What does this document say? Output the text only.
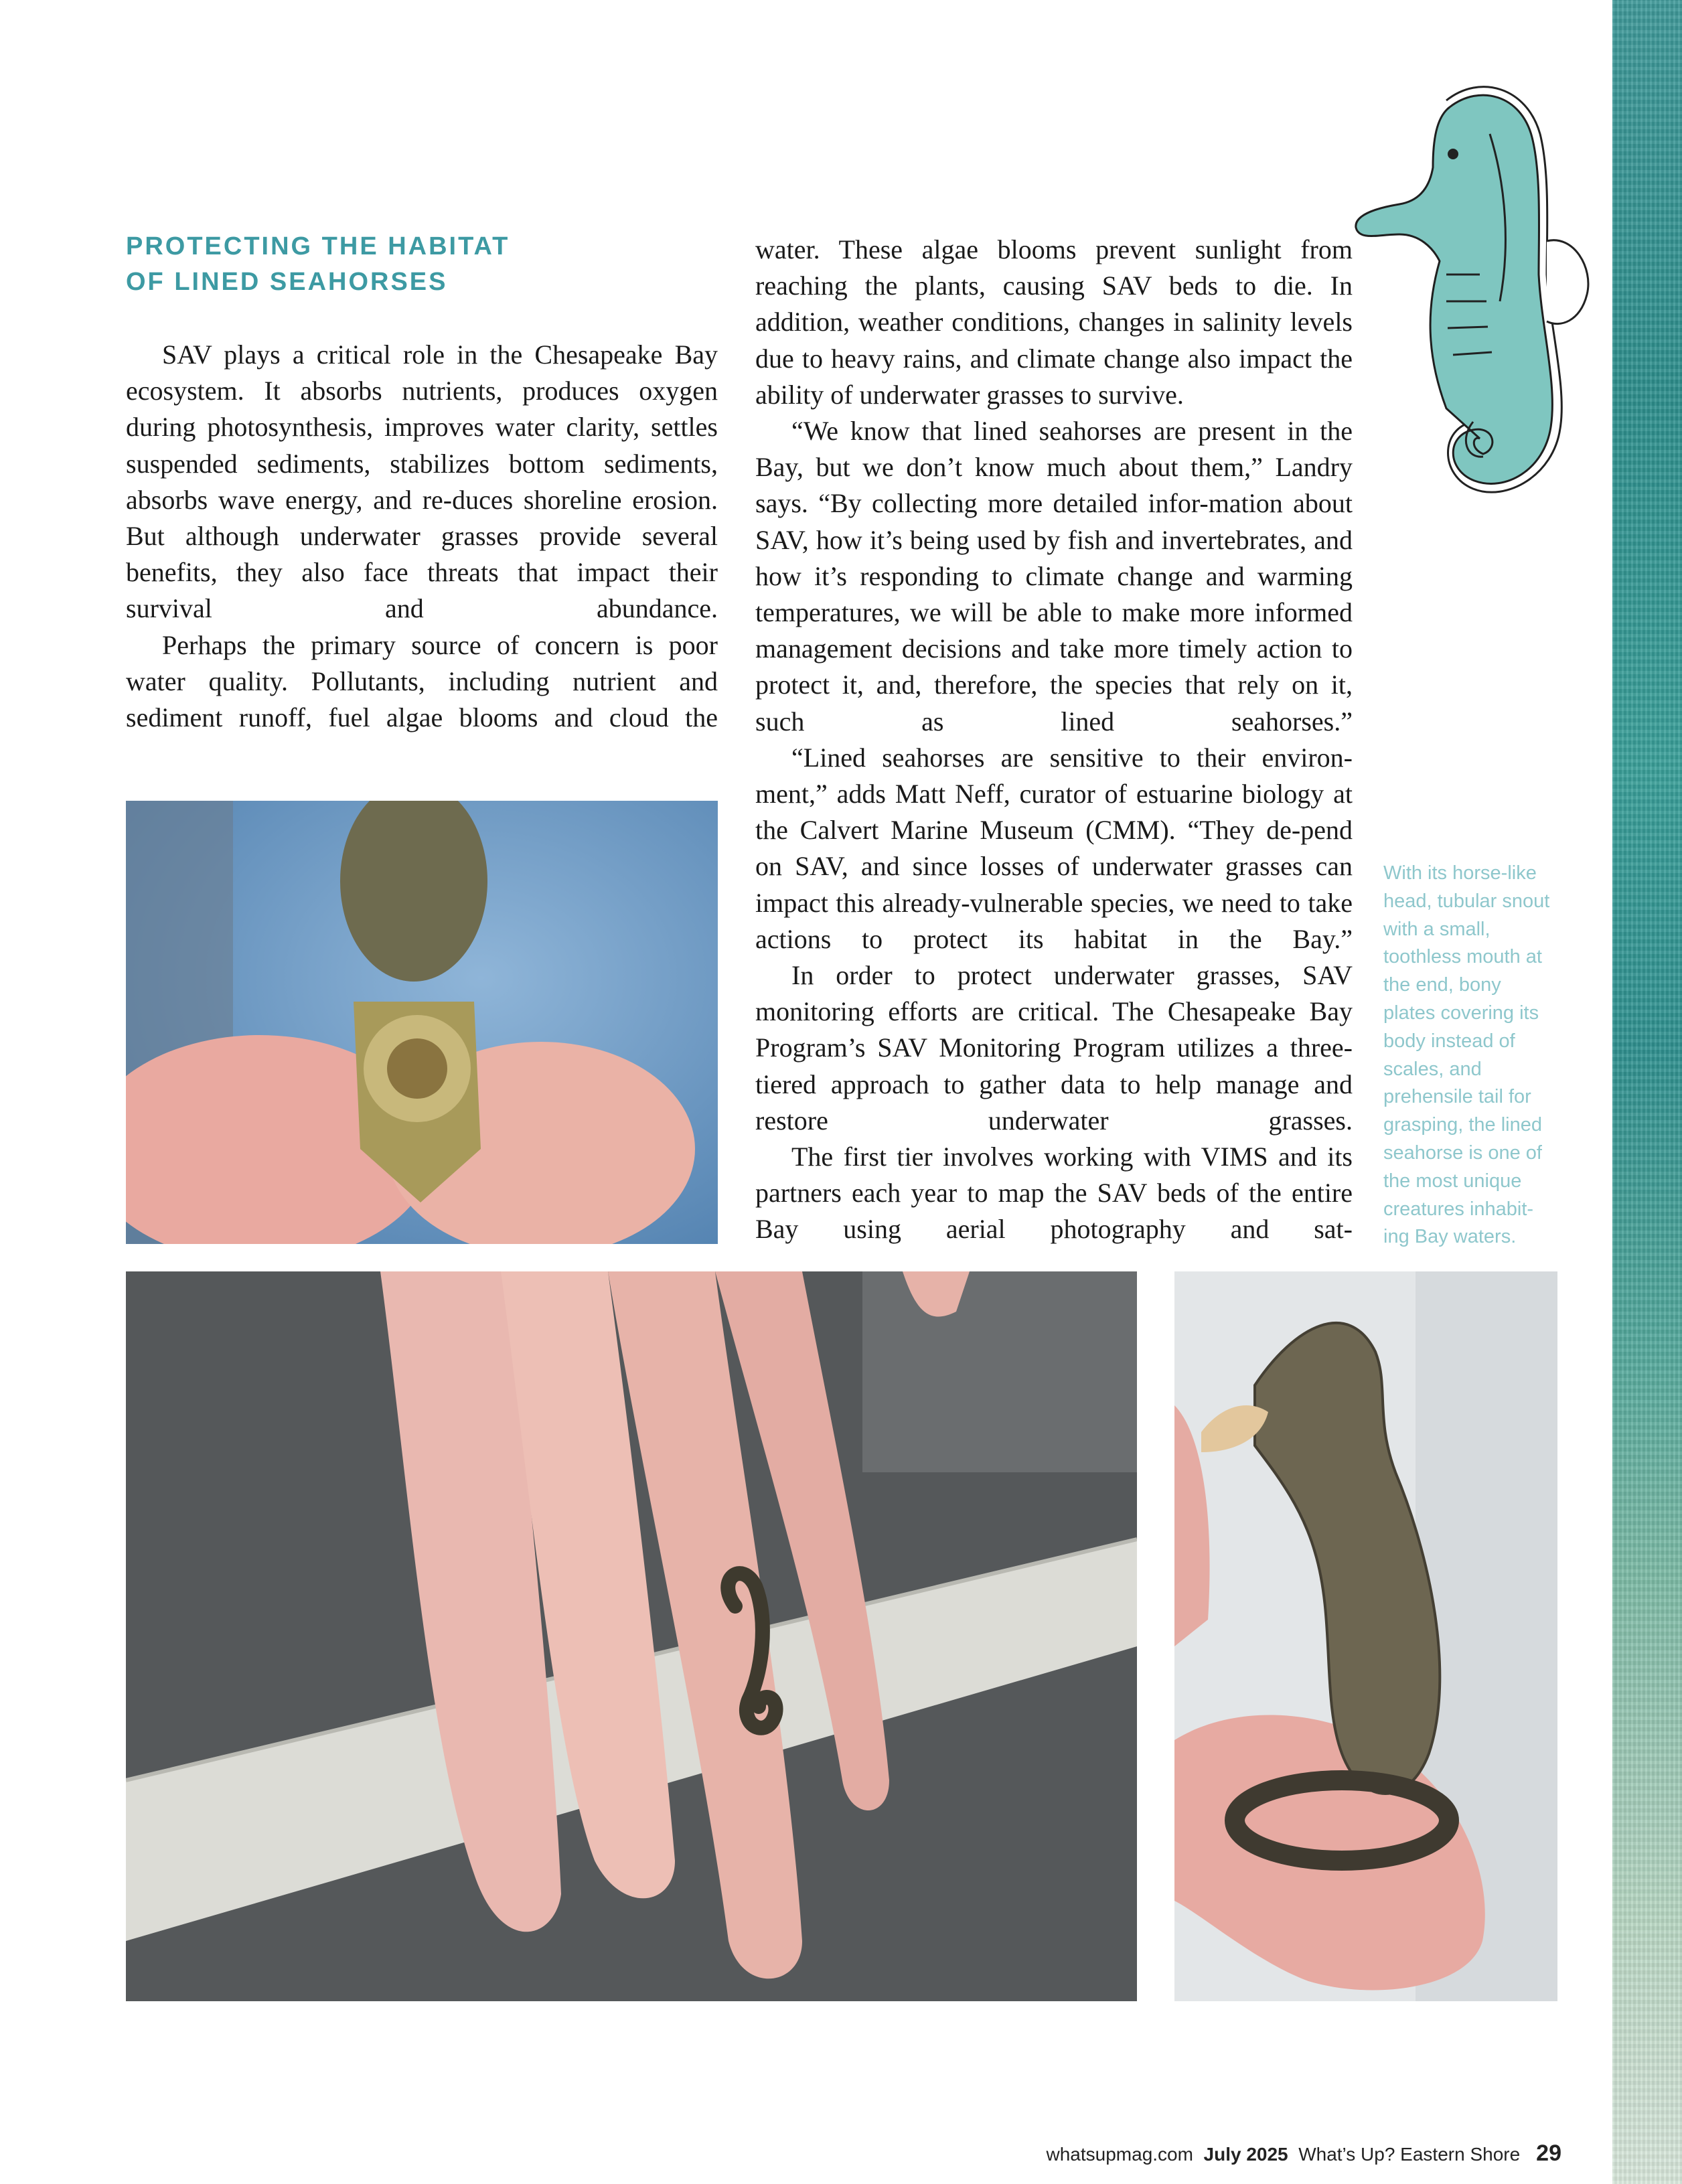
PROTECTING THE HABITAT
OF LINED SEAHORSES

SAV plays a critical role in the Chesapeake Bay ecosystem. It absorbs nutrients, produces oxygen during photosynthesis, improves water clarity, settles suspended sediments, stabilizes bottom sediments, absorbs wave energy, and re-duces shoreline erosion. But although underwater grasses provide several benefits, they also face threats that impact their survival and abundance.

Perhaps the primary source of concern is poor water quality. Pollutants, including nutrient and sediment runoff, fuel algae blooms and cloud the

water. These algae blooms prevent sunlight from reaching the plants, causing SAV beds to die. In addition, weather conditions, changes in salinity levels due to heavy rains, and climate change also impact the ability of underwater grasses to survive.

“We know that lined seahorses are present in the Bay, but we don’t know much about them,” Landry says. “By collecting more detailed infor-mation about SAV, how it’s being used by fish and invertebrates, and how it’s responding to climate change and warming temperatures, we will be able to make more informed management decisions and take more timely action to protect it, and, therefore, the species that rely on it, such as lined seahorses.”

“Lined seahorses are sensitive to their environ-ment,” adds Matt Neff, curator of estuarine biology at the Calvert Marine Museum (CMM). “They de-pend on SAV, and since losses of underwater grasses can impact this already-vulnerable species, we need to take actions to protect its habitat in the Bay.”

In order to protect underwater grasses, SAV monitoring efforts are critical. The Chesapeake Bay Program’s SAV Monitoring Program utilizes a three-tiered approach to gather data to help manage and restore underwater grasses.

The first tier involves working with VIMS and its partners each year to map the SAV beds of the entire Bay using aerial photography and sat-

With its horse-like head, tubular snout with a small, toothless mouth at the end, bony plates covering its body instead of scales, and prehensile tail for grasping, the lined seahorse is one of the most unique creatures inhabit-ing Bay waters.
whatsupmag.com July 2025 What’s Up? Eastern Shore 29
